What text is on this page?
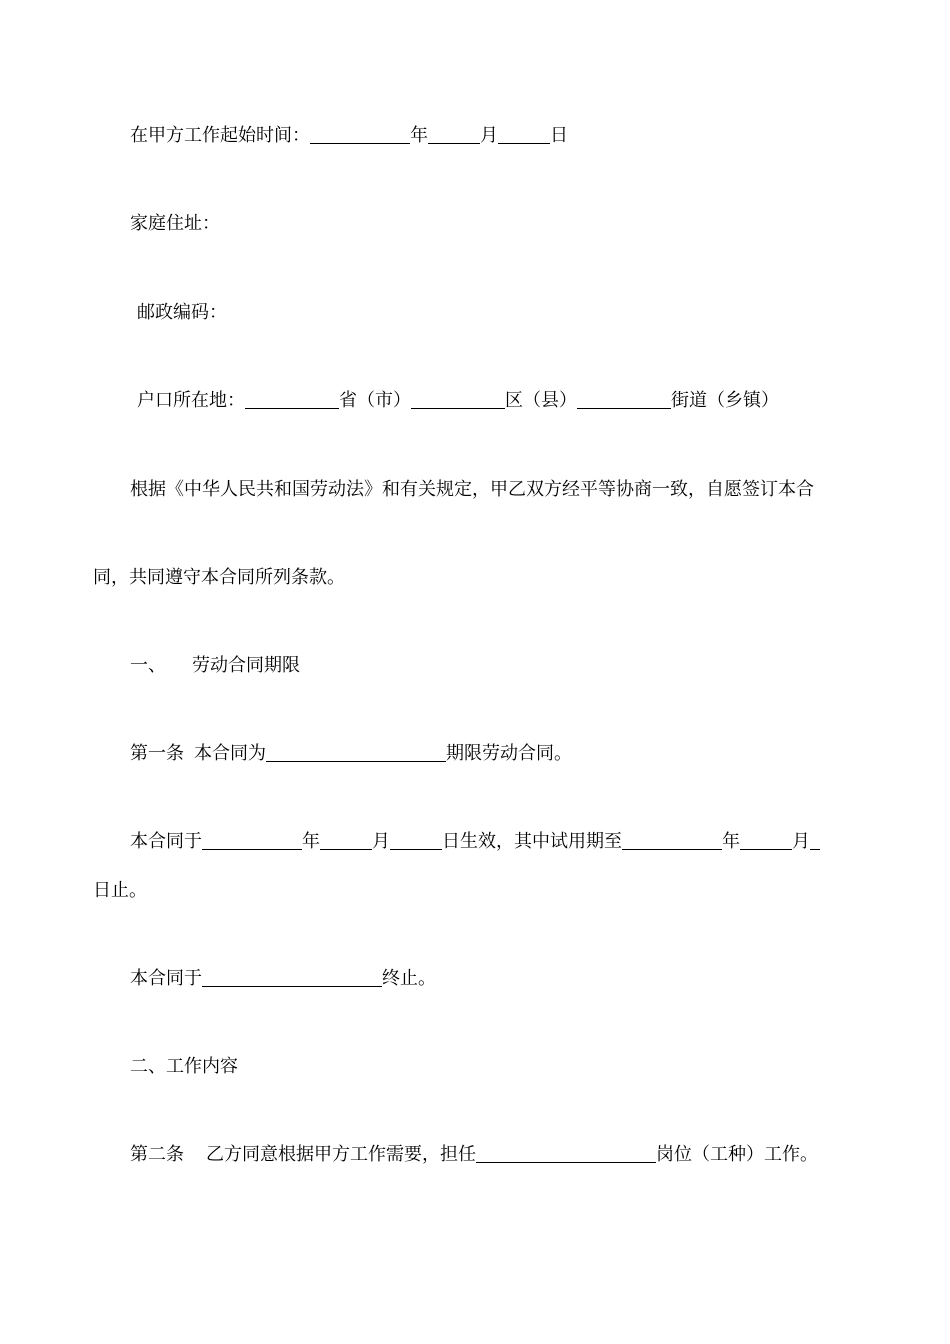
在甲方工作起始时间：	年	月	日
家庭住址：
邮政编码：
户口所在地：	省（市）	区（县）	街道（乡镇）
根据《中华人民共和国劳动法》和有关规定，甲乙双方经平等协商一致，自愿签订本合
同，共同遵守本合同所列条款。
一、 劳动合同期限
第一条 本合同为	期限劳动合同。
本合同于	年	月	日生效，其中试用期至	年	月
日止。
本合同于	终止。
二、工作内容
第二条 乙方同意根据甲方工作需要，担任	岗位（工种）工作。
